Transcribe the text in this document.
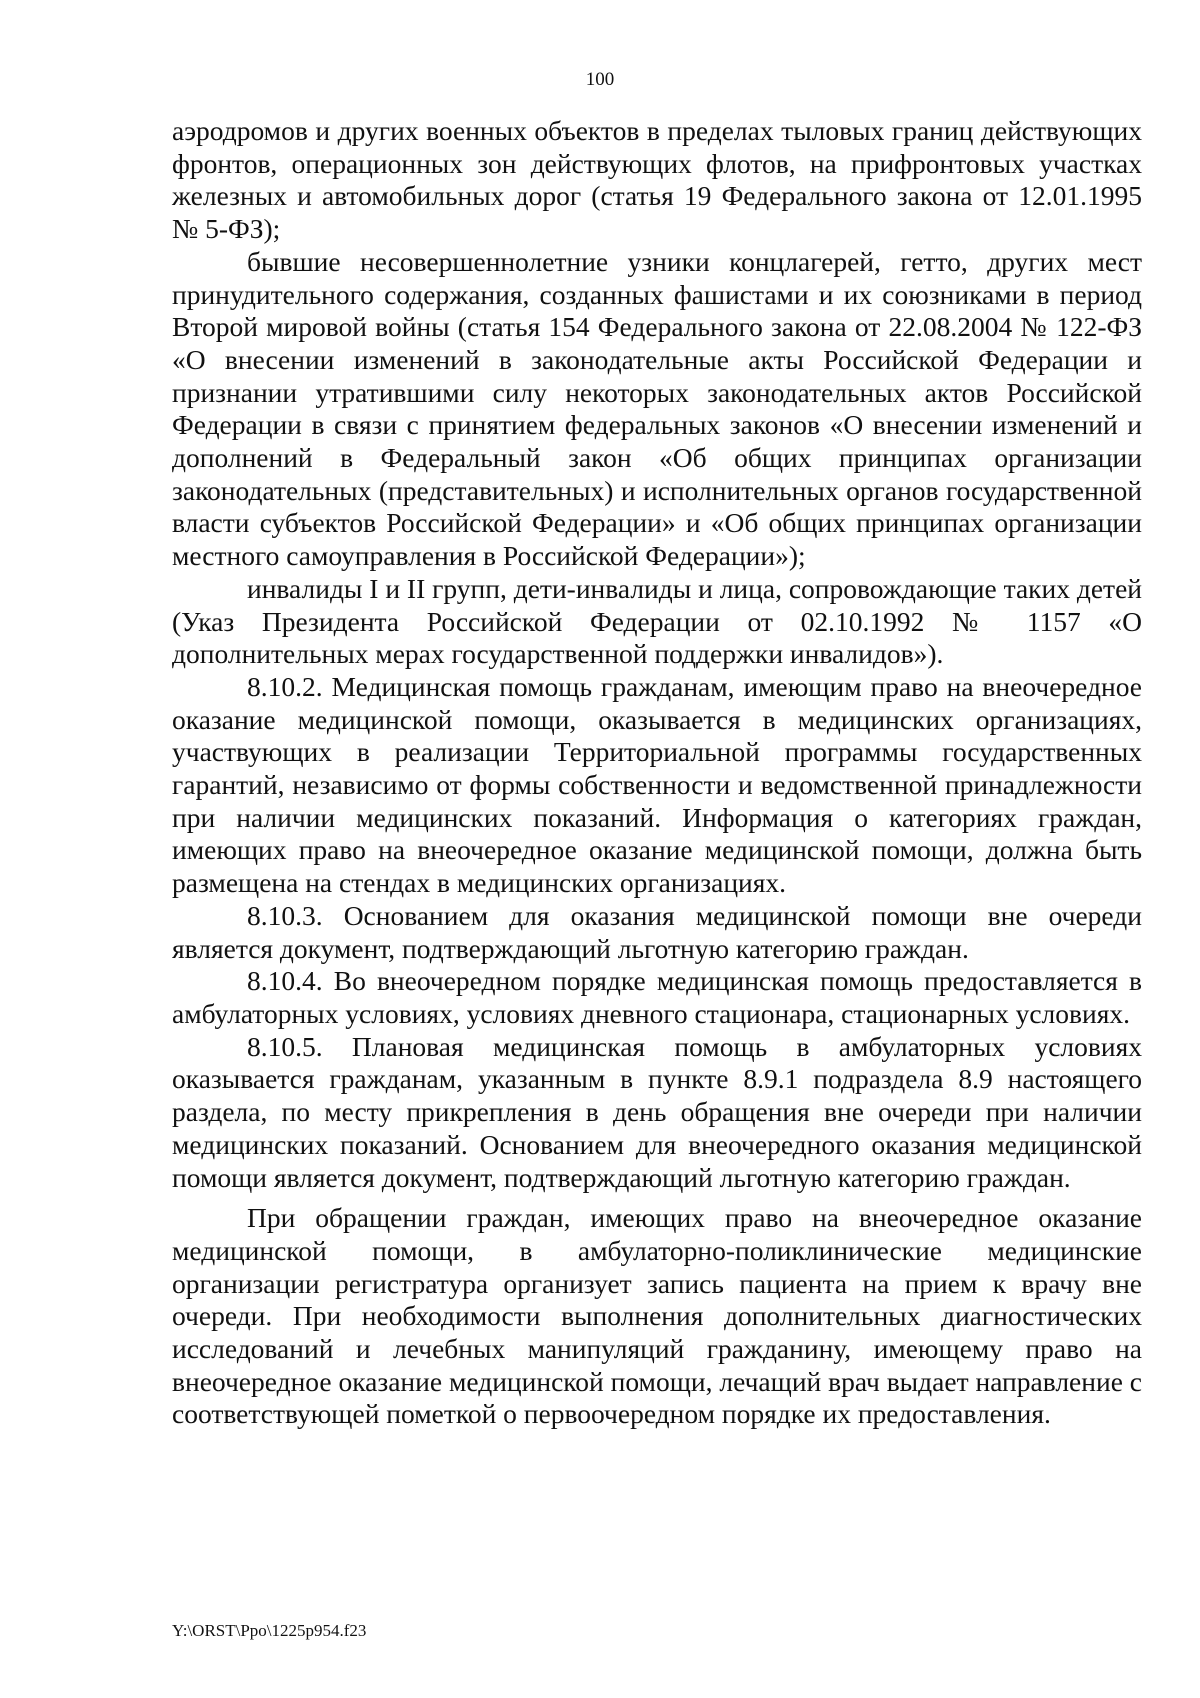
100

аэродромов и других военных объектов в пределах тыловых границ действующих фронтов, операционных зон действующих флотов, на прифронтовых участках железных и автомобильных дорог (статья 19 Федерального закона от 12.01.1995 № 5-ФЗ);

бывшие несовершеннолетние узники концлагерей, гетто, других мест принудительного содержания, созданных фашистами и их союзниками в период Второй мировой войны (статья 154 Федерального закона от 22.08.2004 № 122-ФЗ «О внесении изменений в законодательные акты Российской Федерации и признании утратившими силу некоторых законодательных актов Российской Федерации в связи с принятием федеральных законов «О внесении изменений и дополнений в Федеральный закон «Об общих принципах организации законодательных (представительных) и исполнительных органов государственной власти субъектов Российской Федерации» и «Об общих принципах организации местного самоуправления в Российской Федерации»);

инвалиды I и II групп, дети-инвалиды и лица, сопровождающие таких детей (Указ Президента Российской Федерации от 02.10.1992 № 1157 «О дополнительных мерах государственной поддержки инвалидов»).

8.10.2. Медицинская помощь гражданам, имеющим право на внеочередное оказание медицинской помощи, оказывается в медицинских организациях, участвующих в реализации Территориальной программы государственных гарантий, независимо от формы собственности и ведомственной принадлежности при наличии медицинских показаний. Информация о категориях граждан, имеющих право на внеочередное оказание медицинской помощи, должна быть размещена на стендах в медицинских организациях.

8.10.3. Основанием для оказания медицинской помощи вне очереди является документ, подтверждающий льготную категорию граждан.

8.10.4. Во внеочередном порядке медицинская помощь предоставляется в амбулаторных условиях, условиях дневного стационара, стационарных условиях.

8.10.5. Плановая медицинская помощь в амбулаторных условиях оказывается гражданам, указанным в пункте 8.9.1 подраздела 8.9 настоящего раздела, по месту прикрепления в день обращения вне очереди при наличии медицинских показаний. Основанием для внеочередного оказания медицинской помощи является документ, подтверждающий льготную категорию граждан.

При обращении граждан, имеющих право на внеочередное оказание медицинской помощи, в амбулаторно-поликлинические медицинские организации регистратура организует запись пациента на прием к врачу вне очереди. При необходимости выполнения дополнительных диагностических исследований и лечебных манипуляций гражданину, имеющему право на внеочередное оказание медицинской помощи, лечащий врач выдает направление с соответствующей пометкой о первоочередном порядке их предоставления.

Y:\ORST\Ppo\1225p954.f23
